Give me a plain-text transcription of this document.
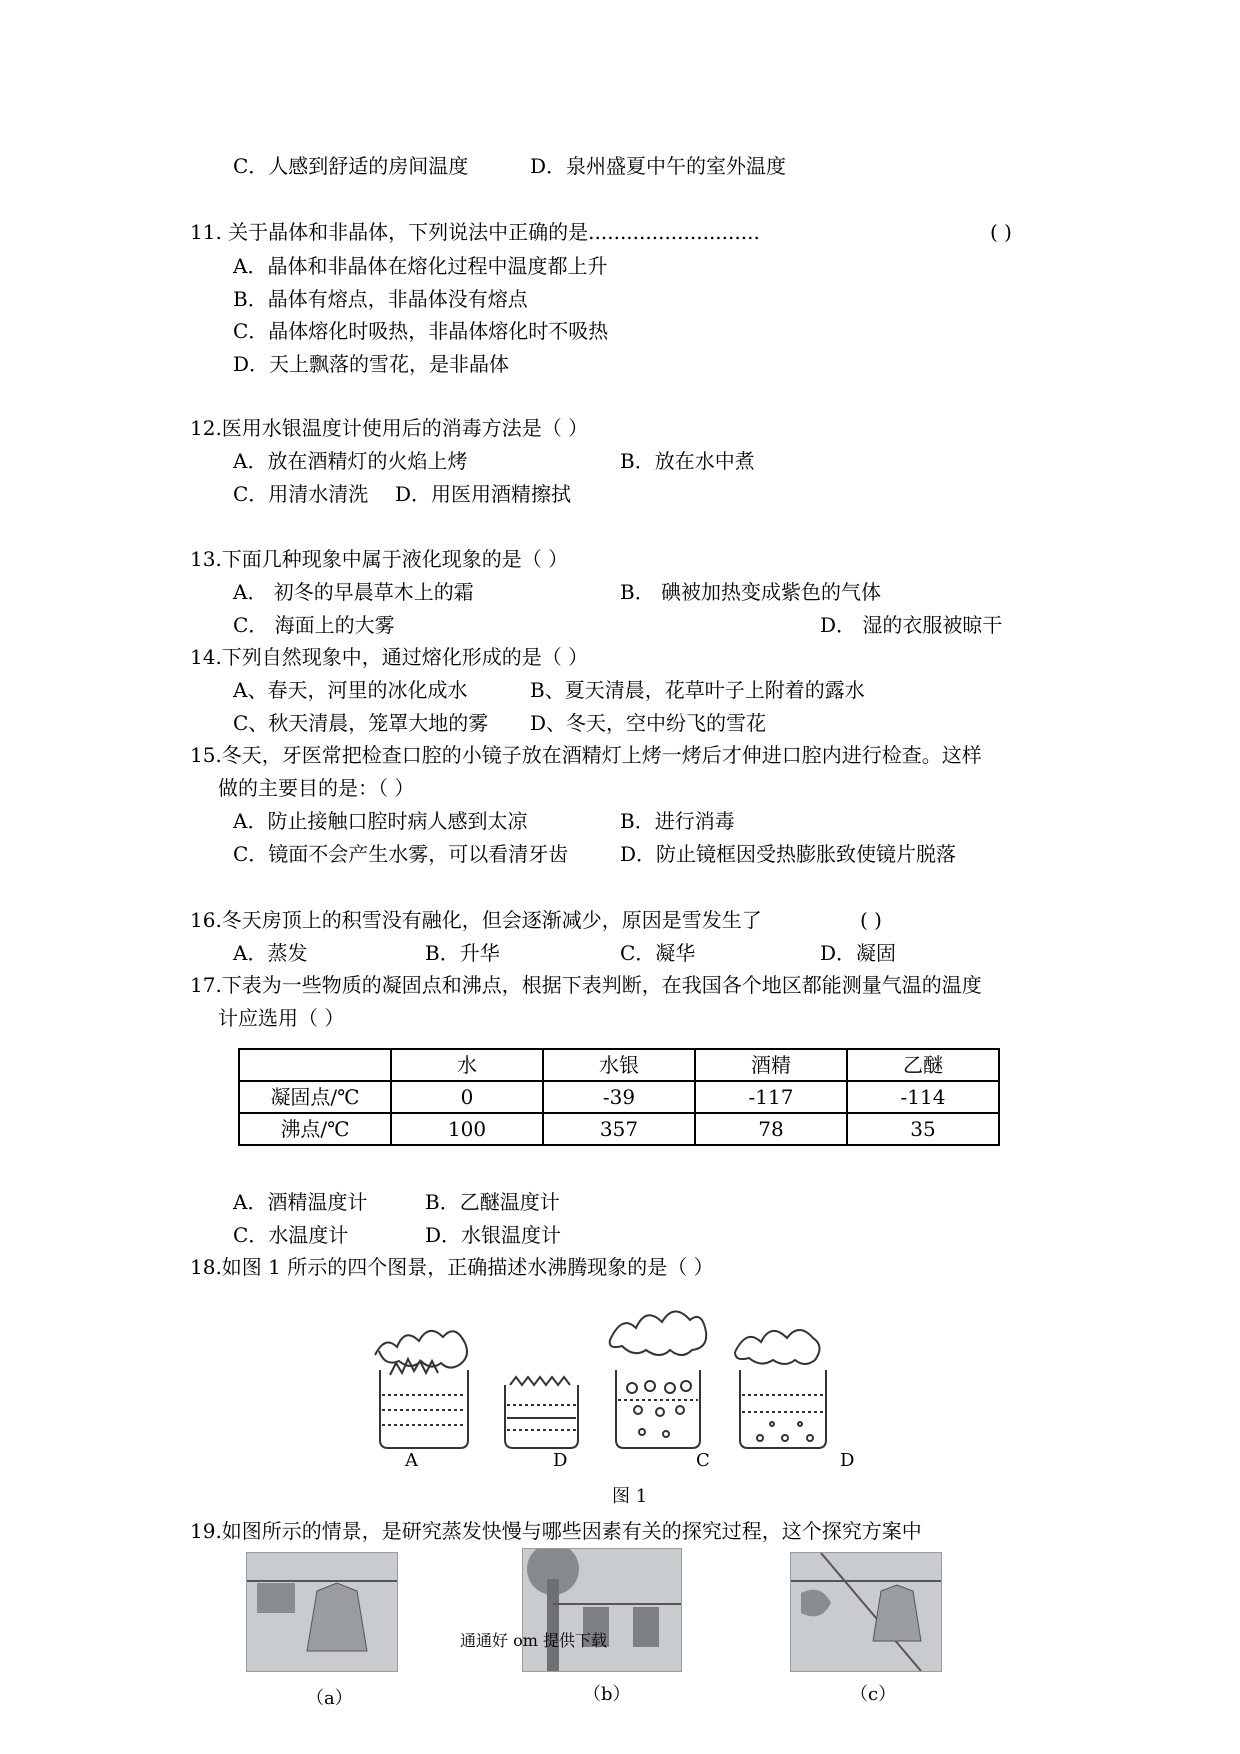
C．人感到舒适的房间温度	D．泉州盛夏中午的室外温度
11. 关于晶体和非晶体，下列说法中正确的是...........................	( )
A．晶体和非晶体在熔化过程中温度都上升
B．晶体有熔点，非晶体没有熔点
C．晶体熔化时吸热，非晶体熔化时不吸热
D．天上飘落的雪花，是非晶体
12.医用水银温度计使用后的消毒方法是（ ）
A．放在酒精灯的火焰上烤	B．放在水中煮
C．用清水清洗 D．用医用酒精擦拭
13.下面几种现象中属于液化现象的是（ ）
A． 初冬的早晨草木上的霜	B． 碘被加热变成紫色的气体
C． 海面上的大雾	D． 湿的衣服被晾干
14.下列自然现象中，通过熔化形成的是（ ）
A、春天，河里的冰化成水	B、夏天清晨，花草叶子上附着的露水
C、秋天清晨，笼罩大地的雾 D、冬天，空中纷飞的雪花
15.冬天，牙医常把检查口腔的小镜子放在酒精灯上烤一烤后才伸进口腔内进行检查。这样
做的主要目的是：（ ）
A．防止接触口腔时病人感到太凉	B．进行消毒
C．镜面不会产生水雾，可以看清牙齿	D．防止镜框因受热膨胀致使镜片脱落
16.冬天房顶上的积雪没有融化，但会逐渐减少，原因是雪发生了	( )
A．蒸发	B．升华	C．凝华	D．凝固
17.下表为一些物质的凝固点和沸点，根据下表判断，在我国各个地区都能测量气温的温度
计应选用（ ）
	水	水银	酒精	乙醚
凝固点/℃	0	-39	-117	-114
沸点/℃	100	357	78	35
A．酒精温度计	B．乙醚温度计
C．水温度计	D．水银温度计
18.如图 1 所示的四个图景，正确描述水沸腾现象的是（ ）
A	D	C	D
图 1
19.如图所示的情景，是研究蒸发快慢与哪些因素有关的探究过程，这个探究方案中
（a）	（b）	（c）
通通好 om 提供下载
